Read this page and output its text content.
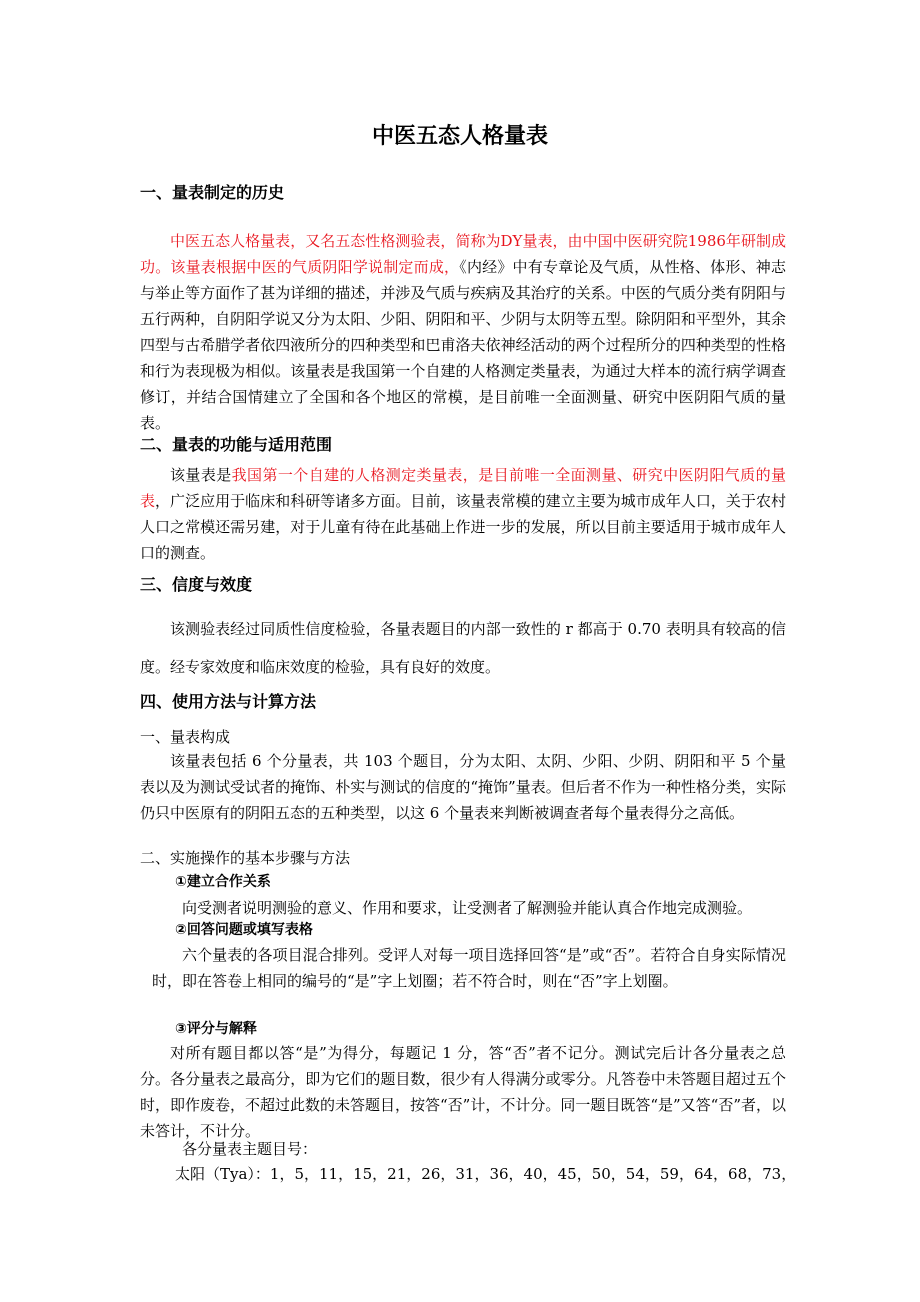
中医五态人格量表
一、量表制定的历史

中医五态人格量表，又名五态性格测验表，简称为DY量表，由中国中医研究院1986年研制成功。该量表根据中医的气质阴阳学说制定而成，《内经》中有专章论及气质，从性格、体形、神志与举止等方面作了甚为详细的描述，并涉及气质与疾病及其治疗的关系。中医的气质分类有阴阳与五行两种，自阴阳学说又分为太阳、少阳、阴阳和平、少阴与太阴等五型。除阴阳和平型外，其余四型与古希腊学者依四液所分的四种类型和巴甫洛夫依神经活动的两个过程所分的四种类型的性格和行为表现极为相似。该量表是我国第一个自建的人格测定类量表，为通过大样本的流行病学调查修订，并结合国情建立了全国和各个地区的常模，是目前唯一全面测量、研究中医阴阳气质的量表。

二、量表的功能与适用范围

该量表是我国第一个自建的人格测定类量表，是目前唯一全面测量、研究中医阴阳气质的量表，广泛应用于临床和科研等诸多方面。目前，该量表常模的建立主要为城市成年人口，关于农村人口之常模还需另建，对于儿童有待在此基础上作进一步的发展，所以目前主要适用于城市成年人口的测查。

三、信度与效度

该测验表经过同质性信度检验，各量表题目的内部一致性的 r 都高于 0.70 表明具有较高的信度。经专家效度和临床效度的检验，具有良好的效度。

四、使用方法与计算方法
一、量表构成

该量表包括 6 个分量表，共 103 个题目，分为太阳、太阴、少阳、少阴、阴阳和平 5 个量表以及为测试受试者的掩饰、朴实与测试的信度的“掩饰”量表。但后者不作为一种性格分类，实际仍只中医原有的阴阳五态的五种类型，以这 6 个量表来判断被调查者每个量表得分之高低。

二、实施操作的基本步骤与方法
①建立合作关系

向受测者说明测验的意义、作用和要求，让受测者了解测验并能认真合作地完成测验。

②回答问题或填写表格

六个量表的各项目混合排列。受评人对每一项目选择回答“是”或“否”。若符合自身实际情况时，即在答卷上相同的编号的“是”字上划圈；若不符合时，则在“否”字上划圈。

③评分与解释

对所有题目都以答“是”为得分，每题记 1 分，答“否”者不记分。测试完后计各分量表之总分。各分量表之最高分，即为它们的题目数，很少有人得满分或零分。凡答卷中未答题目超过五个时，即作废卷，不超过此数的未答题目，按答“否”计，不计分。同一题目既答“是”又答“否”者，以未答计，不计分。

各分量表主题目号：
太阳（Tya）：1，5，11，15，21，26，31，36，40，45，50，54，59，64，68，73，
